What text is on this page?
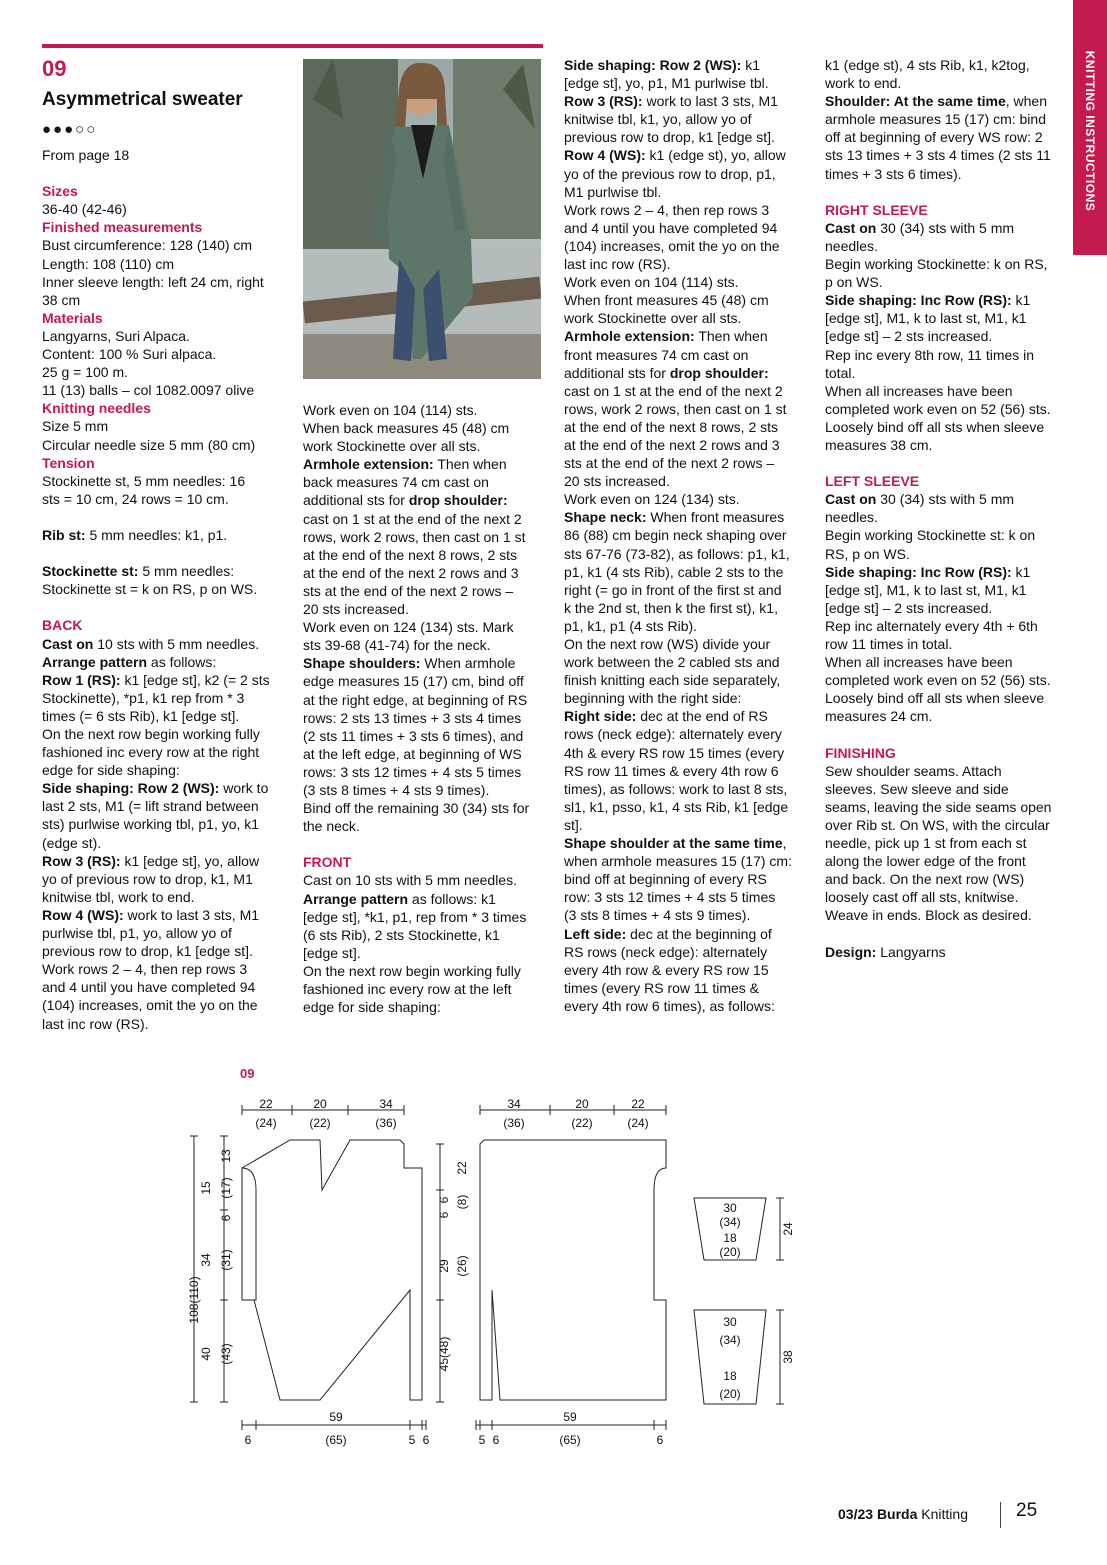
KNITTING INSTRUCTIONS
09
Asymmetrical sweater
●●●○○

From page 18

Sizes

36-40 (42-46)

Finished measurements

Bust circumference: 128 (140) cm

Length: 108 (110) cm

Inner sleeve length: left 24 cm, right

38 cm

Materials

Langyarns, Suri Alpaca.

Content: 100 % Suri alpaca.

25 g = 100 m.

11 (13) balls – col 1082.0097 olive

Knitting needles

Size 5 mm

Circular needle size 5 mm (80 cm)

Tension

Stockinette st, 5 mm needles: 16

sts = 10 cm, 24 rows = 10 cm.

Rib st: 5 mm needles: k1, p1.

Stockinette st: 5 mm needles:

Stockinette st = k on RS, p on WS.

BACK

Cast on 10 sts with 5 mm needles.

Arrange pattern as follows:

Row 1 (RS): k1 [edge st], k2 (= 2 sts

Stockinette), *p1, k1 rep from * 3

times (= 6 sts Rib), k1 [edge st].

On the next row begin working fully

fashioned inc every row at the right

edge for side shaping:

Side shaping: Row 2 (WS): work to

last 2 sts, M1 (= lift strand between

sts) purlwise working tbl, p1, yo, k1

(edge st).

Row 3 (RS): k1 [edge st], yo, allow

yo of previous row to drop, k1, M1

knitwise tbl, work to end.

Row 4 (WS): work to last 3 sts, M1

purlwise tbl, p1, yo, allow yo of

previous row to drop, k1 [edge st].

Work rows 2 – 4, then rep rows 3

and 4 until you have completed 94

(104) increases, omit the yo on the

last inc row (RS).

Work even on 104 (114) sts.

When back measures 45 (48) cm

work Stockinette over all sts.

Armhole extension: Then when

back measures 74 cm cast on

additional sts for drop shoulder:

cast on 1 st at the end of the next 2

rows, work 2 rows, then cast on 1 st

at the end of the next 8 rows, 2 sts

at the end of the next 2 rows and 3

sts at the end of the next 2 rows –

20 sts increased.

Work even on 124 (134) sts. Mark

sts 39-68 (41-74) for the neck.

Shape shoulders: When armhole

edge measures 15 (17) cm, bind off

at the right edge, at beginning of RS

rows: 2 sts 13 times + 3 sts 4 times

(2 sts 11 times + 3 sts 6 times), and

at the left edge, at beginning of WS

rows: 3 sts 12 times + 4 sts 5 times

(3 sts 8 times + 4 sts 9 times).

Bind off the remaining 30 (34) sts for

the neck.

FRONT

Cast on 10 sts with 5 mm needles.

Arrange pattern as follows: k1

[edge st], *k1, p1, rep from * 3 times

(6 sts Rib), 2 sts Stockinette, k1

[edge st].

On the next row begin working fully

fashioned inc every row at the left

edge for side shaping:

Side shaping: Row 2 (WS): k1

[edge st], yo, p1, M1 purlwise tbl.

Row 3 (RS): work to last 3 sts, M1

knitwise tbl, k1, yo, allow yo of

previous row to drop, k1 [edge st].

Row 4 (WS): k1 (edge st), yo, allow

yo of the previous row to drop, p1,

M1 purlwise tbl.

Work rows 2 – 4, then rep rows 3

and 4 until you have completed 94

(104) increases, omit the yo on the

last inc row (RS).

Work even on 104 (114) sts.

When front measures 45 (48) cm

work Stockinette over all sts.

Armhole extension: Then when

front measures 74 cm cast on

additional sts for drop shoulder:

cast on 1 st at the end of the next 2

rows, work 2 rows, then cast on 1 st

at the end of the next 8 rows, 2 sts

at the end of the next 2 rows and 3

sts at the end of the next 2 rows –

20 sts increased.

Work even on 124 (134) sts.

Shape neck: When front measures

86 (88) cm begin neck shaping over

sts 67-76 (73-82), as follows: p1, k1,

p1, k1 (4 sts Rib), cable 2 sts to the

right (= go in front of the first st and

k the 2nd st, then k the first st), k1,

p1, k1, p1 (4 sts Rib).

On the next row (WS) divide your

work between the 2 cabled sts and

finish knitting each side separately,

beginning with the right side:

Right side: dec at the end of RS

rows (neck edge): alternately every

4th & every RS row 15 times (every

RS row 11 times & every 4th row 6

times), as follows: work to last 8 sts,

sl1, k1, psso, k1, 4 sts Rib, k1 [edge

st].

Shape shoulder at the same time,

when armhole measures 15 (17) cm:

bind off at beginning of every RS

row: 3 sts 12 times + 4 sts 5 times

(3 sts 8 times + 4 sts 9 times).

Left side: dec at the beginning of

RS rows (neck edge): alternately

every 4th row & every RS row 15

times (every RS row 11 times &

every 4th row 6 times), as follows:

k1 (edge st), 4 sts Rib, k1, k2tog,

work to end.

Shoulder: At the same time, when

armhole measures 15 (17) cm: bind

off at beginning of every WS row: 2

sts 13 times + 3 sts 4 times (2 sts 11

times + 3 sts 6 times).

RIGHT SLEEVE

Cast on 30 (34) sts with 5 mm

needles.

Begin working Stockinette: k on RS,

p on WS.

Side shaping: Inc Row (RS): k1

[edge st], M1, k to last st, M1, k1

[edge st] – 2 sts increased.

Rep inc every 8th row, 11 times in

total.

When all increases have been

completed work even on 52 (56) sts.

Loosely bind off all sts when sleeve

measures 38 cm.

LEFT SLEEVE

Cast on 30 (34) sts with 5 mm

needles.

Begin working Stockinette st: k on

RS, p on WS.

Side shaping: Inc Row (RS): k1

[edge st], M1, k to last st, M1, k1

[edge st] – 2 sts increased.

Rep inc alternately every 4th + 6th

row 11 times in total.

When all increases have been

completed work even on 52 (56) sts.

Loosely bind off all sts when sleeve

measures 24 cm.

FINISHING

Sew shoulder seams. Attach

sleeves. Sew sleeve and side

seams, leaving the side seams open

over Rib st. On WS, with the circular

needle, pick up 1 st from each st

along the lower edge of the front

and back. On the next row (WS)

loosely cast off all sts, knitwise.

Weave in ends. Block as desired.

Design: Langyarns

09
22
(24)
20
(22)
34
(36)
108(110)
15 (17)
13
6
34 (31)
40 (43)
22
6
6
(8)
29 (26)
45(48)
59
(65)
6	5 6
34
(36)
20
(22)
22
(24)
59
(65)	6
5 6
30
(34)
18
(20)
24
30
(34)
18
(20)
38
03/23 Burda Knitting	25
